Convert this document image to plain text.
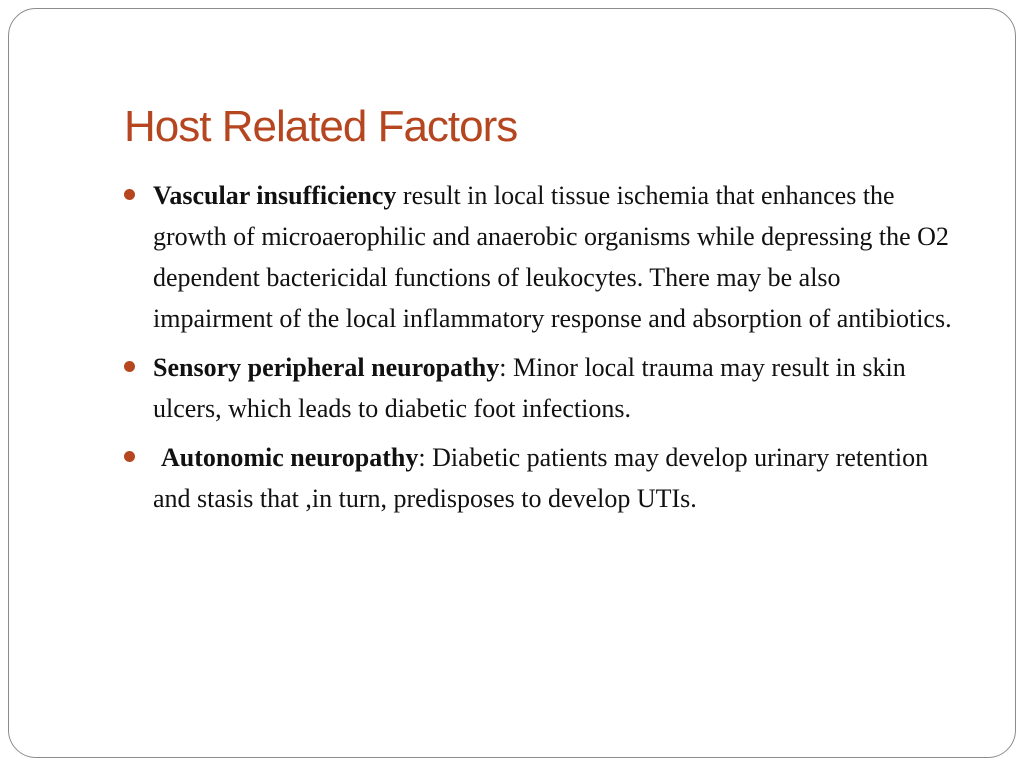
Host Related Factors
Vascular insufficiency result in local tissue ischemia that enhances the growth of microaerophilic and anaerobic organisms while depressing the O2 dependent bactericidal functions of leukocytes. There may be also impairment of the local inflammatory response and absorption of antibiotics.
Sensory peripheral neuropathy: Minor local trauma may result in skin ulcers, which leads to diabetic foot infections.
Autonomic neuropathy: Diabetic patients may develop urinary retention and stasis that ,in turn, predisposes to develop UTIs.
